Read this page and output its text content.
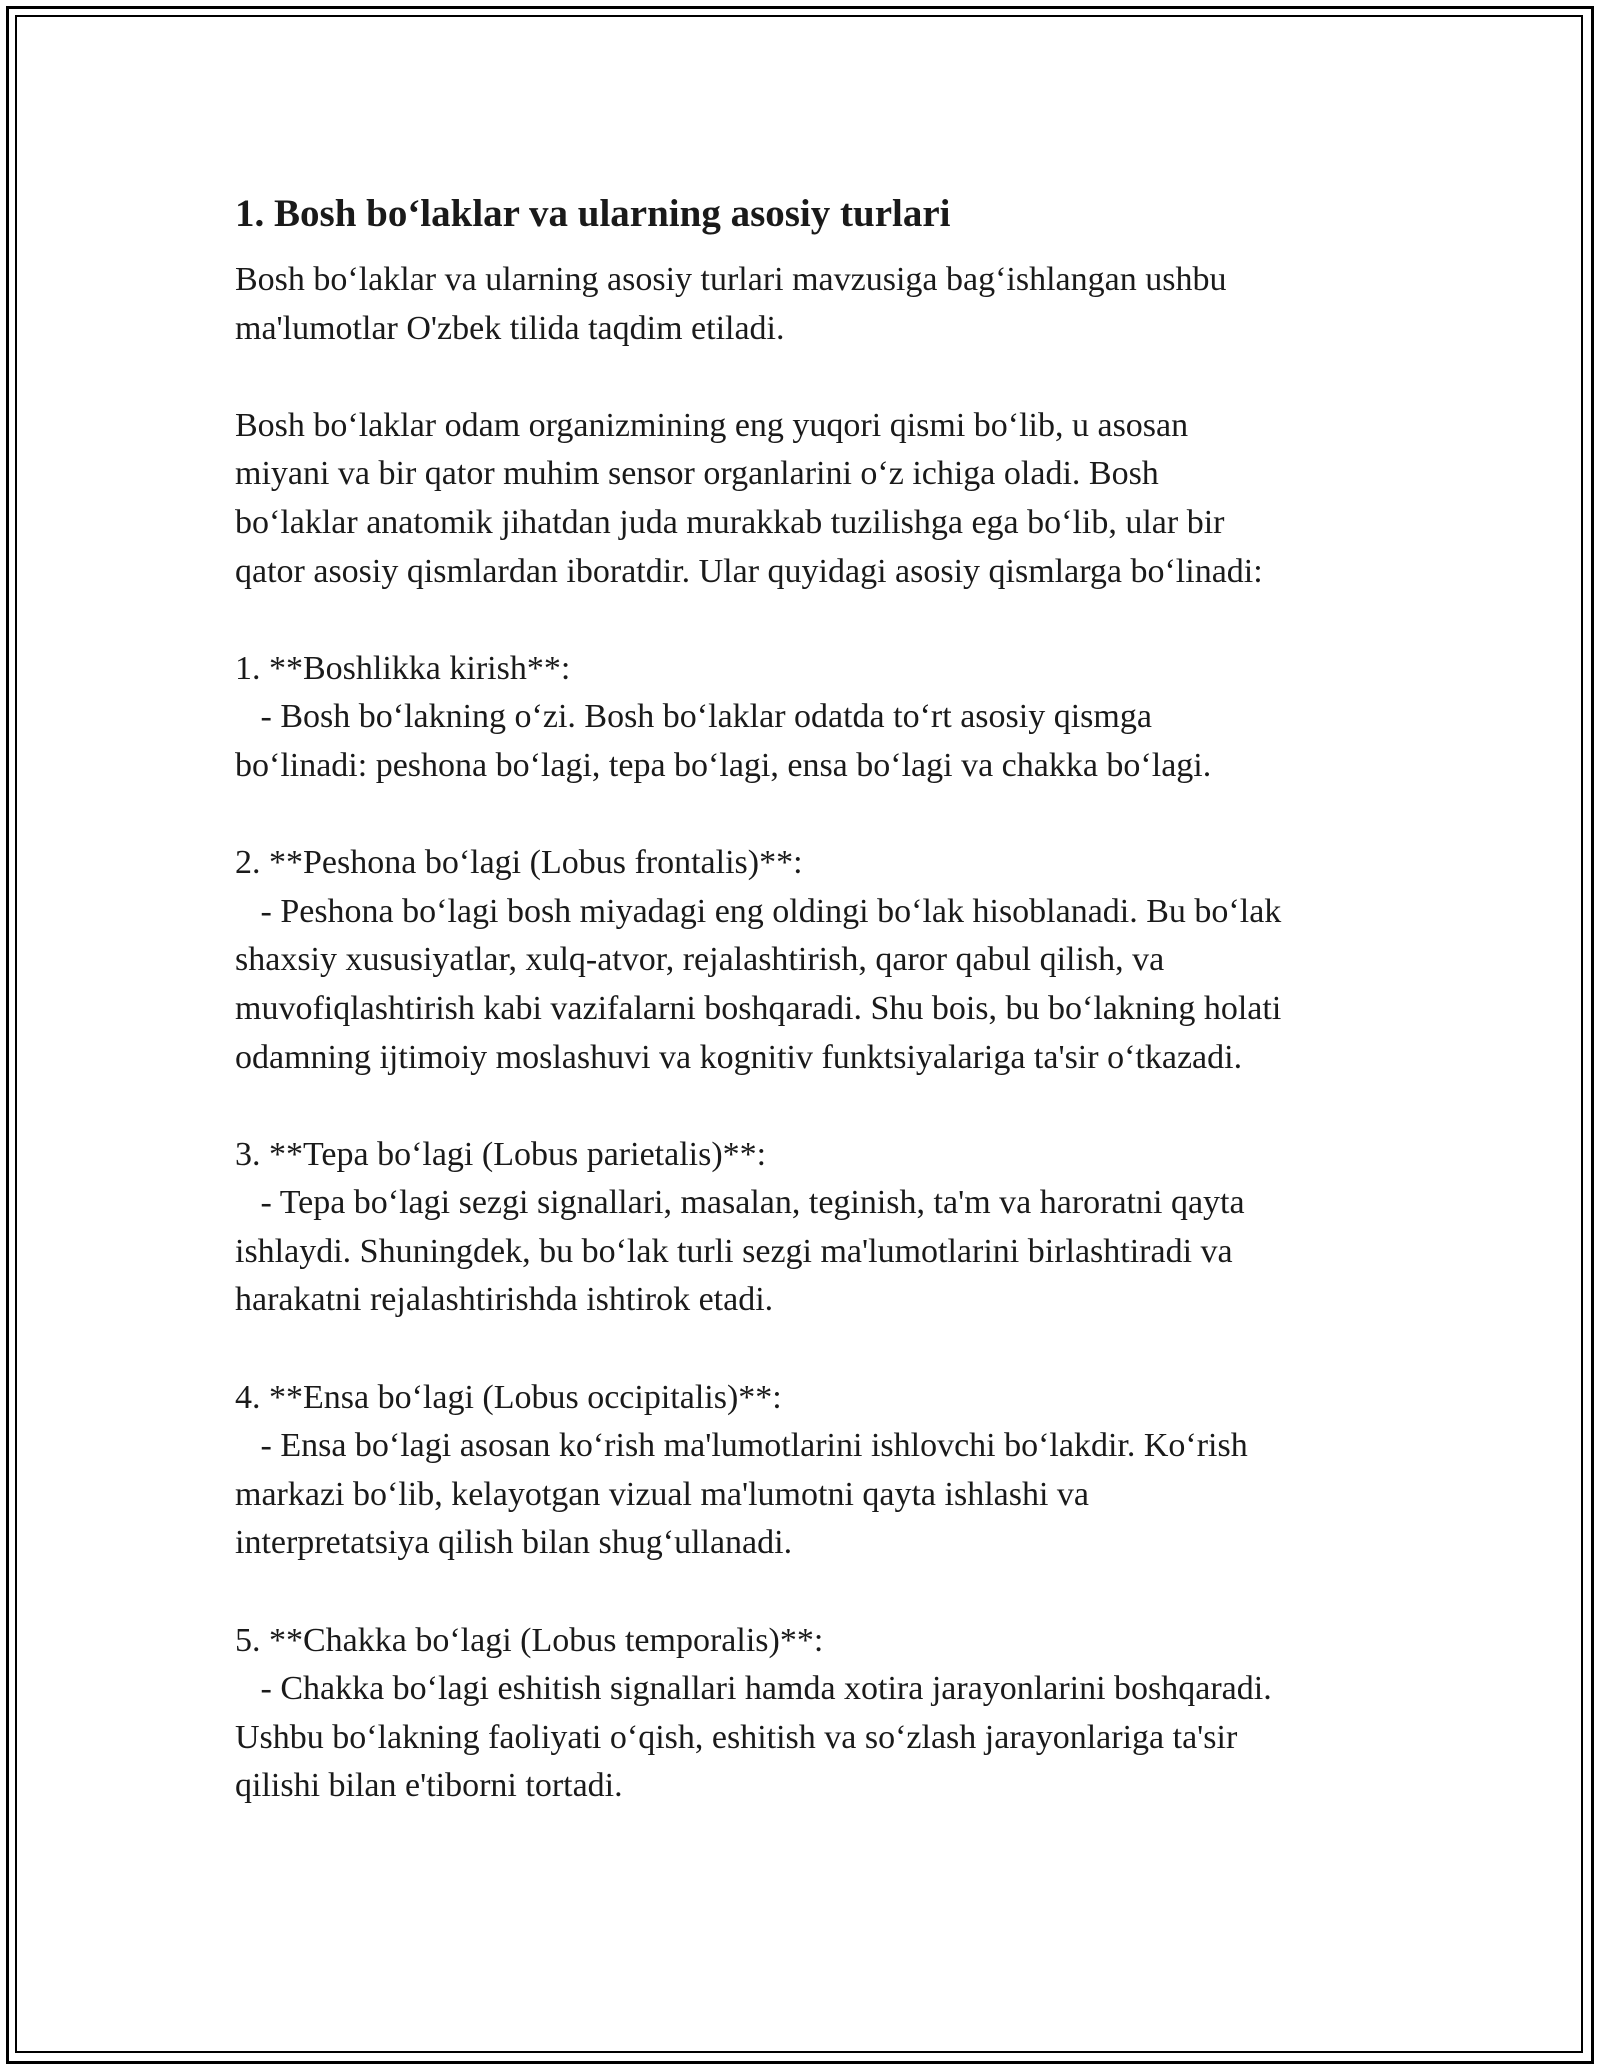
1. Bosh bo‘laklar va ularning asosiy turlari

Bosh bo‘laklar va ularning asosiy turlari mavzusiga bag‘ishlangan ushbu
ma'lumotlar O'zbek tilida taqdim etiladi.

Bosh bo‘laklar odam organizmining eng yuqori qismi bo‘lib, u asosan
miyani va bir qator muhim sensor organlarini o‘z ichiga oladi. Bosh
bo‘laklar anatomik jihatdan juda murakkab tuzilishga ega bo‘lib, ular bir
qator asosiy qismlardan iboratdir. Ular quyidagi asosiy qismlarga bo‘linadi:

1. **Boshlikka kirish**:

- Bosh bo‘lakning o‘zi. Bosh bo‘laklar odatda to‘rt asosiy qismga
bo‘linadi: peshona bo‘lagi, tepa bo‘lagi, ensa bo‘lagi va chakka bo‘lagi.

2. **Peshona bo‘lagi (Lobus frontalis)**:

- Peshona bo‘lagi bosh miyadagi eng oldingi bo‘lak hisoblanadi. Bu bo‘lak
shaxsiy xususiyatlar, xulq-atvor, rejalashtirish, qaror qabul qilish, va
muvofiqlashtirish kabi vazifalarni boshqaradi. Shu bois, bu bo‘lakning holati
odamning ijtimoiy moslashuvi va kognitiv funktsiyalariga ta'sir o‘tkazadi.

3. **Tepa bo‘lagi (Lobus parietalis)**:

- Tepa bo‘lagi sezgi signallari, masalan, teginish, ta'm va haroratni qayta
ishlaydi. Shuningdek, bu bo‘lak turli sezgi ma'lumotlarini birlashtiradi va
harakatni rejalashtirishda ishtirok etadi.

4. **Ensa bo‘lagi (Lobus occipitalis)**:

- Ensa bo‘lagi asosan ko‘rish ma'lumotlarini ishlovchi bo‘lakdir. Ko‘rish
markazi bo‘lib, kelayotgan vizual ma'lumotni qayta ishlashi va
interpretatsiya qilish bilan shug‘ullanadi.

5. **Chakka bo‘lagi (Lobus temporalis)**:

- Chakka bo‘lagi eshitish signallari hamda xotira jarayonlarini boshqaradi.
Ushbu bo‘lakning faoliyati o‘qish, eshitish va so‘zlash jarayonlariga ta'sir
qilishi bilan e'tiborni tortadi.
